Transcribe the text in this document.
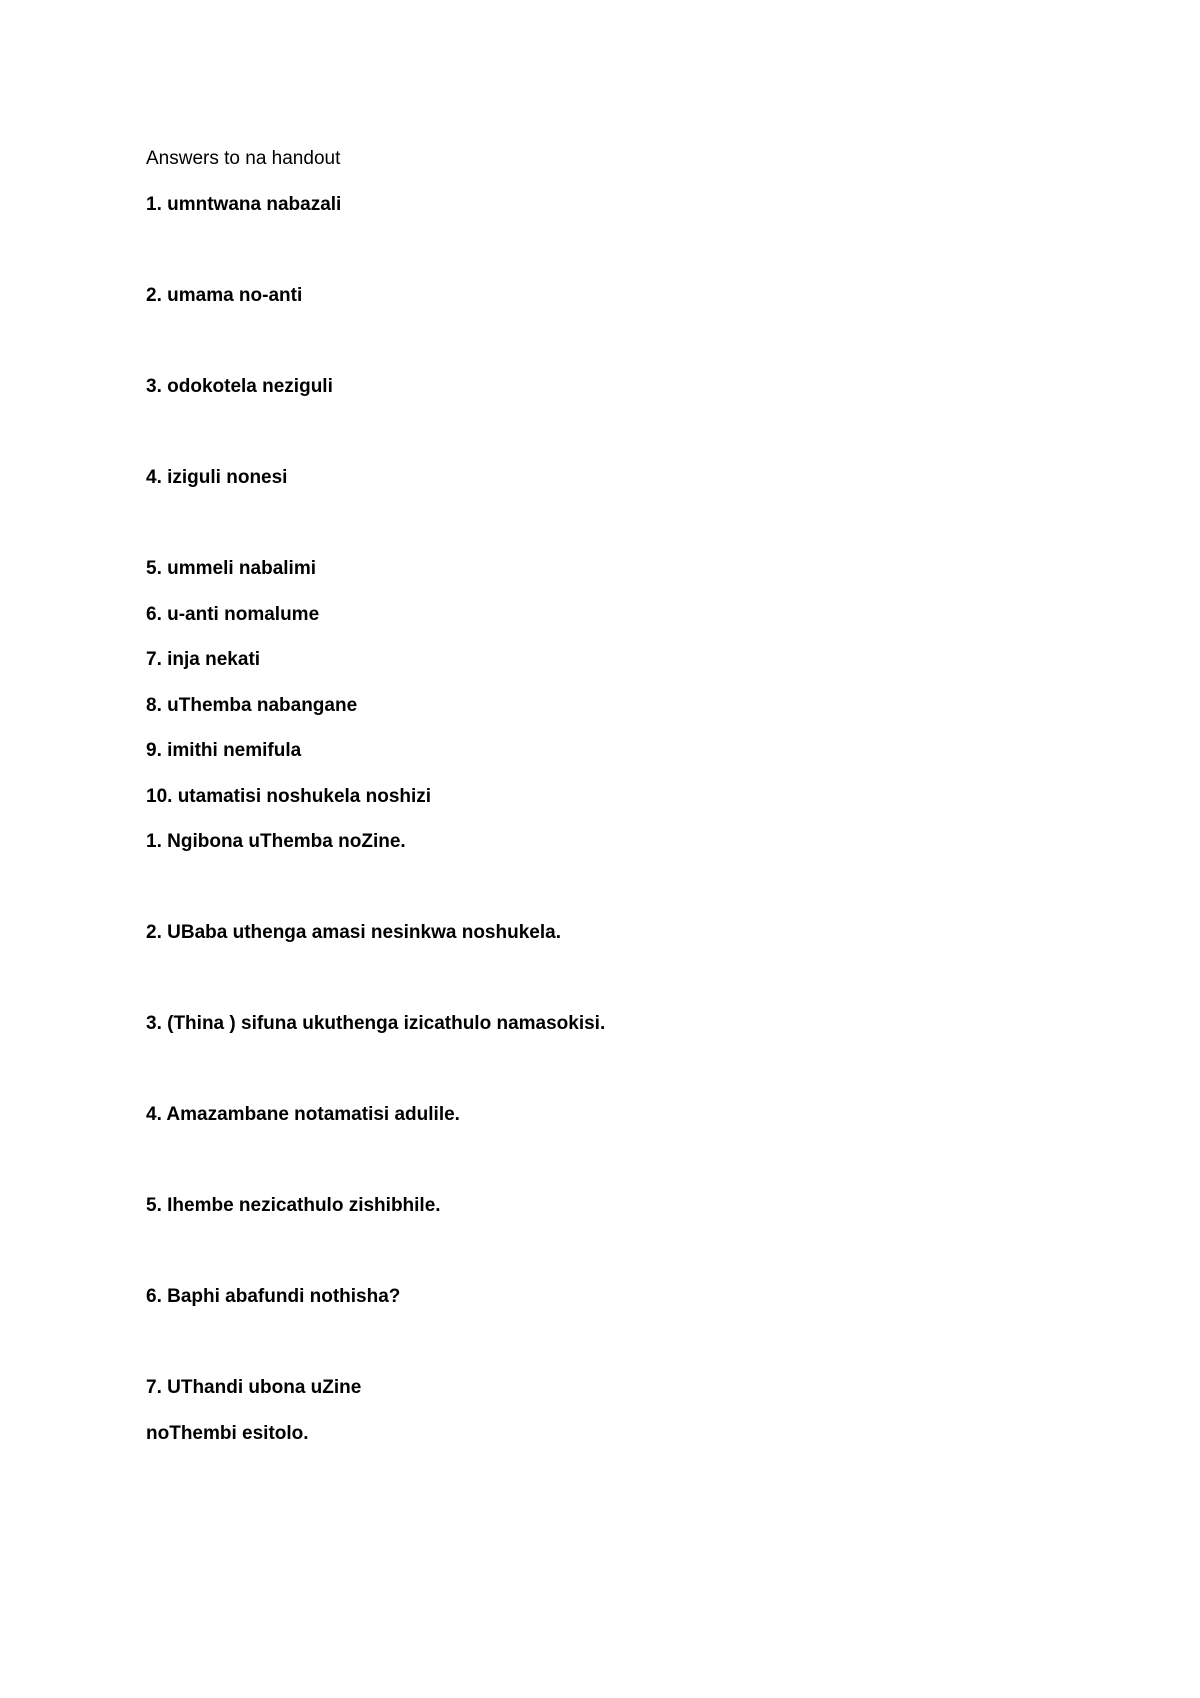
Answers to na handout
1. umntwana nabazali
2. umama no-anti
3. odokotela neziguli
4. iziguli nonesi
5. ummeli nabalimi
6. u-anti nomalume
7. inja nekati
8. uThemba nabangane
9. imithi nemifula
10. utamatisi noshukela noshizi
1. Ngibona uThemba noZine.
2. UBaba uthenga amasi nesinkwa noshukela.
3. (Thina ) sifuna ukuthenga izicathulo namasokisi.
4. Amazambane notamatisi adulile.
5. Ihembe nezicathulo zishibhile.
6. Baphi abafundi nothisha?
7. UThandi ubona uZine
noThembi esitolo.
